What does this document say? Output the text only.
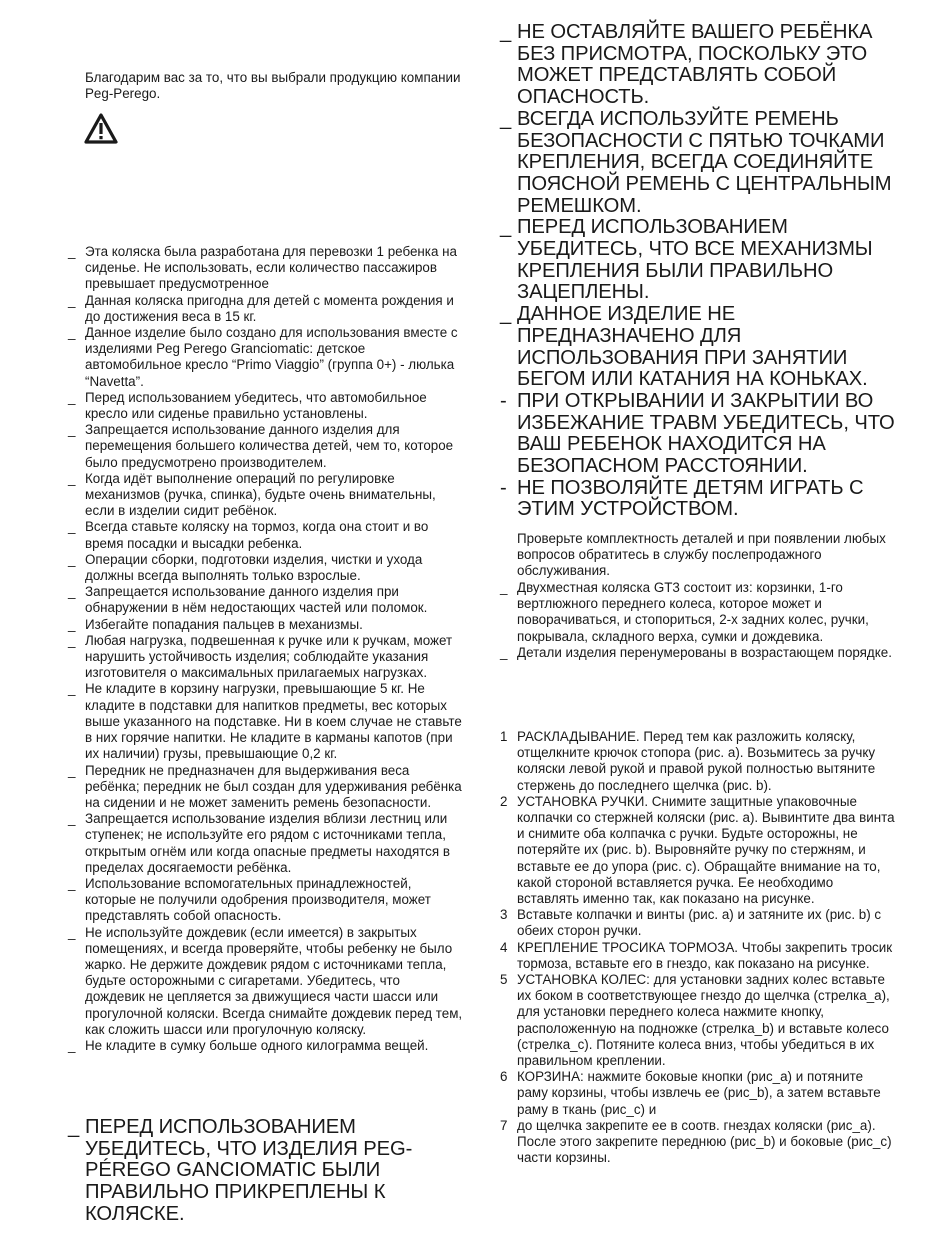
Благодарим вас за то, что вы выбрали продукцию компании Peg-Perego.

_ Эта коляска была разработана для перевозки 1 ребенка на сиденье. Не использовать, если количество пассажиров превышает предусмотренное
_ Данная коляска пригодна для детей с момента рождения и до достижения веса в 15 кг.
_ Данное изделие было создано для использования вместе с изделиями Peg Perego Granciomatic: детское автомобильное кресло “Primo Viaggio” (группа 0+) - люлька “Navetta”.
_ Перед использованием убедитесь, что автомобильное кресло или сиденье правильно установлены.
_ Запрещается использование данного изделия для перемещения большего количества детей, чем то, которое было предусмотрено производителем.
_ Когда идёт выполнение операций по регулировке механизмов (ручка, спинка), будьте очень внимательны, если в изделии сидит ребёнок.
_ Всегда ставьте коляску на тормоз, когда она стоит и во время посадки и высадки ребенка.
_ Операции сборки, подготовки изделия, чистки и ухода должны всегда выполнять только взрослые.
_ Запрещается использование данного изделия при обнаружении в нём недостающих частей или поломок.
_ Избегайте попадания пальцев в механизмы.
_ Любая нагрузка, подвешенная к ручке или к ручкам, может нарушить устойчивость изделия; соблюдайте указания изготовителя о максимальных прилагаемых нагрузках.
_ Не кладите в корзину нагрузки, превышающие 5 кг. Не кладите в подставки для напитков предметы, вес которых выше указанного на подставке. Ни в коем случае не ставьте в них горячие напитки. Не кладите в карманы капотов (при их наличии) грузы, превышающие 0,2 кг.
_ Передник не предназначен для выдерживания веса ребёнка; передник не был создан для удерживания ребёнка на сидении и не может заменить ремень безопасности.
_ Запрещается использование изделия вблизи лестниц или ступенек; не используйте его рядом с источниками тепла, открытым огнём или когда опасные предметы находятся в пределах досягаемости ребёнка.
_ Использование вспомогательных принадлежностей, которые не получили одобрения производителя, может представлять собой опасность.
_ Не используйте дождевик (если имеется) в закрытых помещениях, и всегда проверяйте, чтобы ребенку не было жарко. Не держите дождевик рядом с источниками тепла, будьте осторожными с сигаретами. Убедитесь, что дождевик не цепляется за движущиеся части шасси или прогулочной коляски. Всегда снимайте дождевик перед тем, как сложить шасси или прогулочную коляску.
_ Не кладите в сумку больше одного килограмма вещей.
_ ПЕРЕД ИСПОЛЬЗОВАНИЕМ УБЕДИТЕСЬ, ЧТО ИЗДЕЛИЯ PEG-PÉREGO GANCIOMATIC БЫЛИ ПРАВИЛЬНО ПРИКРЕПЛЕНЫ К КОЛЯСКЕ.
_ НЕ ОСТАВЛЯЙТЕ ВАШЕГО РЕБЁНКА БЕЗ ПРИСМОТРА, ПОСКОЛЬКУ ЭТО МОЖЕТ ПРЕДСТАВЛЯТЬ СОБОЙ ОПАСНОСТЬ.
_ ВСЕГДА ИСПОЛЬЗУЙТЕ РЕМЕНЬ БЕЗОПАСНОСТИ С ПЯТЬЮ ТОЧКАМИ КРЕПЛЕНИЯ, ВСЕГДА СОЕДИНЯЙТЕ ПОЯСНОЙ РЕМЕНЬ С ЦЕНТРАЛЬНЫМ РЕМЕШКОМ.
_ ПЕРЕД ИСПОЛЬЗОВАНИЕМ УБЕДИТЕСЬ, ЧТО ВСЕ МЕХАНИЗМЫ КРЕПЛЕНИЯ БЫЛИ ПРАВИЛЬНО ЗАЦЕПЛЕНЫ.
_ ДАННОЕ ИЗДЕЛИЕ НЕ ПРЕДНАЗНАЧЕНО ДЛЯ ИСПОЛЬЗОВАНИЯ ПРИ ЗАНЯТИИ БЕГОМ ИЛИ КАТАНИЯ НА КОНЬКАХ.
- ПРИ ОТКРЫВАНИИ И ЗАКРЫТИИ ВО ИЗБЕЖАНИЕ ТРАВМ УБЕДИТЕСЬ, ЧТО ВАШ РЕБЕНОК НАХОДИТСЯ НА БЕЗОПАСНОМ РАССТОЯНИИ.
- НЕ ПОЗВОЛЯЙТЕ ДЕТЯМ ИГРАТЬ С ЭТИМ УСТРОЙСТВОМ.

Проверьте комплектность деталей и при появлении любых вопросов обратитесь в службу послепродажного обслуживания.

_ Двухместная коляска GT3 состоит из: корзинки, 1-го вертлюжного переднего колеса, которое может и поворачиваться, и стопориться, 2-х задних колес, ручки, покрывала, складного верха, сумки и дождевика.
_ Детали изделия перенумерованы в возрастающем порядке.
1 РАСКЛАДЫВАНИЕ. Перед тем как разложить коляску, отщелкните крючок стопора (рис. a). Возьмитесь за ручку коляски левой рукой и правой рукой полностью вытяните стержень до последнего щелчка (рис. b).
2 УСТАНОВКА РУЧКИ. Снимите защитные упаковочные колпачки со стержней коляски (рис. a). Вывинтите два винта и снимите оба колпачка с ручки. Будьте осторожны, не потеряйте их (рис. b). Выровняйте ручку по стержням, и вставьте ее до упора (рис. c). Обращайте внимание на то, какой стороной вставляется ручка. Ее необходимо вставлять именно так, как показано на рисунке.
3 Вставьте колпачки и винты (рис. a) и затяните их (рис. b) с обеих сторон ручки.
4 КРЕПЛЕНИЕ ТРОСИКА ТОРМОЗА. Чтобы закрепить тросик тормоза, вставьте его в гнездо, как показано на рисунке.
5 УСТАНОВКА КОЛЕС: для установки задних колес вставьте их боком в соответствующее гнездо до щелчка (стрелка_a), для установки переднего колеса нажмите кнопку, расположенную на подножке (стрелка_b) и вставьте колесо (стрелка_c). Потяните колеса вниз, чтобы убедиться в их правильном креплении.
6 КОРЗИНА: нажмите боковые кнопки (рис_a) и потяните раму корзины, чтобы извлечь ее (рис_b), а затем вставьте раму в ткань (рис_c) и
7 до щелчка закрепите ее в соотв. гнездах коляски (рис_a). После этого закрепите переднюю (рис_b) и боковые (рис_c) части корзины.
